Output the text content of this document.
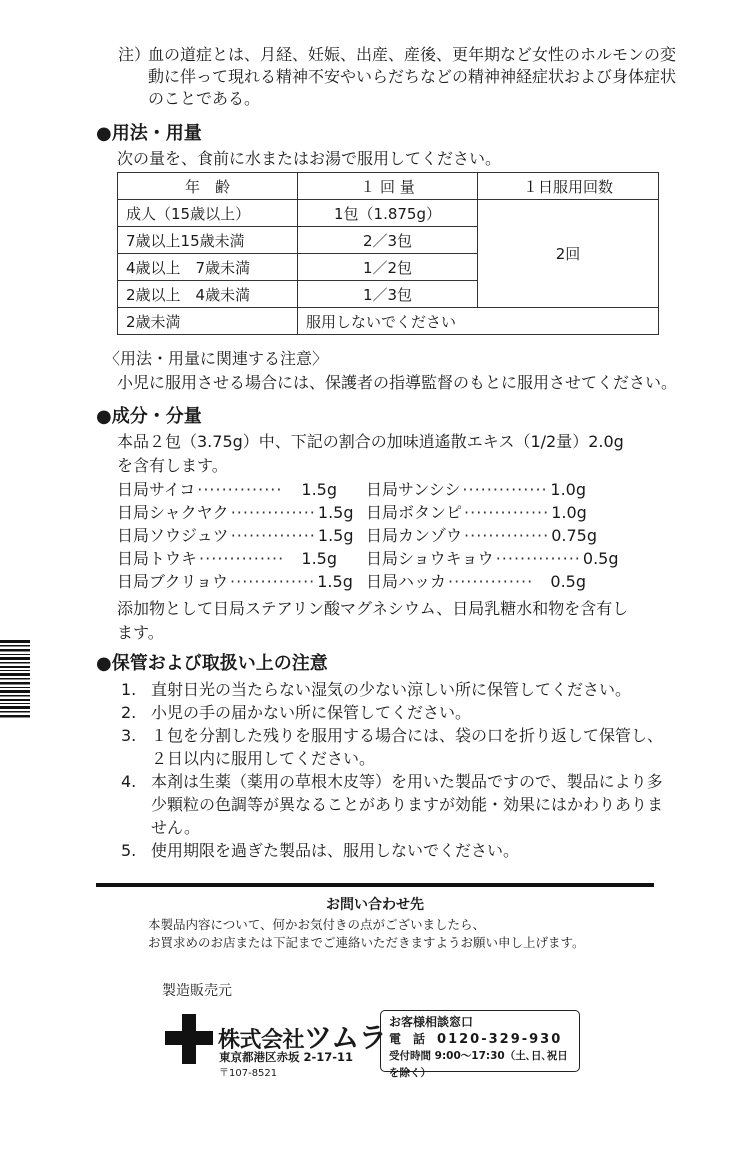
注）
血の道症とは、月経、妊娠、出産、産後、更年期など女性のホルモンの変動に伴って現れる精神不安やいらだちなどの精神神経症状および身体症状のことである。
●用法・用量
次の量を、食前に水またはお湯で服用してください。
年　齢	１ 回 量	１日服用回数
成人（15歳以上）	1包（1.875g）	2回
7歳以上15歳未満	2／3包	
4歳以上　7歳未満	1／2包	
2歳以上　4歳未満	1／3包	
2歳未満	服用しないでください	
〈用法・用量に関連する注意〉
小児に服用させる場合には、保護者の指導監督のもとに服用させてください。
●成分・分量
本品２包（3.75g）中、下記の割合の加味逍遙散エキス（1/2量）2.0g
を含有します。
日局サイコ ··············	1.5g
日局シャクヤク ·············· 1.5g
日局ソウジュツ ·············· 1.5g
日局トウキ ··············	1.5g
日局ブクリョウ ·············· 1.5g
日局サンシシ ·············· 1.0g
日局ボタンピ ·············· 1.0g
日局カンゾウ ·············· 0.75g
日局ショウキョウ ·············· 0.5g
日局ハッカ ··············	0.5g
添加物として日局ステアリン酸マグネシウム、日局乳糖水和物を含有し
ます。
●保管および取扱い上の注意
1. 直射日光の当たらない湿気の少ない涼しい所に保管してください。
2. 小児の手の届かない所に保管してください。
3. １包を分割した残りを服用する場合には、袋の口を折り返して保管し、２日以内に服用してください。
4. 本剤は生薬（薬用の草根木皮等）を用いた製品ですので、製品により多少顆粒の色調等が異なることがありますが効能・効果にはかわりありません。
5. 使用期限を過ぎた製品は、服用しないでください。
お問い合わせ先
本製品内容について、何かお気付きの点がございましたら、
お買求めのお店または下記までご連絡いただきますようお願い申し上げます。
製造販売元
株式会社ツムラ
東京都港区赤坂 2-17-11
〒107-8521
お客様相談窓口
電　話　 0120-329-930
受付時間 9:00〜17:30（土､日､祝日を除く）
